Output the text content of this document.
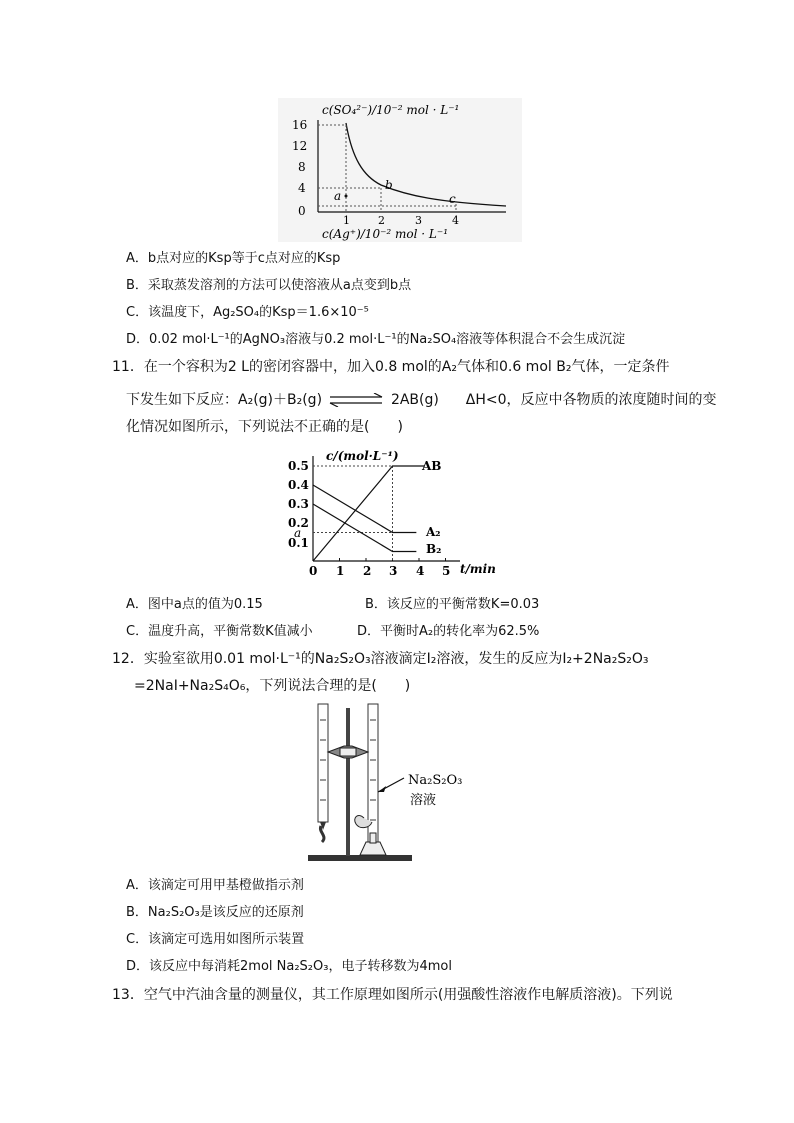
c(SO₄²⁻)/10⁻² mol · L⁻¹
16
12
8
4
0
1	2	3	4
a
b
c
c(Ag⁺)/10⁻² mol · L⁻¹
A．b点对应的Ksp等于c点对应的Ksp
B．采取蒸发溶剂的方法可以使溶液从a点变到b点
C．该温度下，Ag₂SO₄的Ksp＝1.6×10⁻⁵
D．0.02 mol·L⁻¹的AgNO₃溶液与0.2 mol·L⁻¹的Na₂SO₄溶液等体积混合不会生成沉淀
11．在一个容积为2 L的密闭容器中，加入0.8 mol的A₂气体和0.6 mol B₂气体，一定条件
下发生如下反应：A₂(g)＋B₂(g) ⇌ 2AB(g) ΔH<0，反应中各物质的浓度随时间的变
化情况如图所示，下列说法不正确的是(　　)
c/(mol·L⁻¹)
0.5
0.4
0.3
0.2
a
0.1
0 1 2 3 4 5 t/min
AB
A₂
B₂
A．图中a点的值为0.15	B．该反应的平衡常数K=0.03
C．温度升高，平衡常数K值减小	D．平衡时A₂的转化率为62.5%
12．实验室欲用0.01 mol·L⁻¹的Na₂S₂O₃溶液滴定I₂溶液，发生的反应为I₂+2Na₂S₂O₃
=2NaI+Na₂S₄O₆，下列说法合理的是(　　)
Na₂S₂O₃
溶液
A．该滴定可用甲基橙做指示剂
B．Na₂S₂O₃是该反应的还原剂
C．该滴定可选用如图所示装置
D．该反应中每消耗2mol Na₂S₂O₃，电子转移数为4mol
13．空气中汽油含量的测量仪，其工作原理如图所示(用强酸性溶液作电解质溶液)。下列说
